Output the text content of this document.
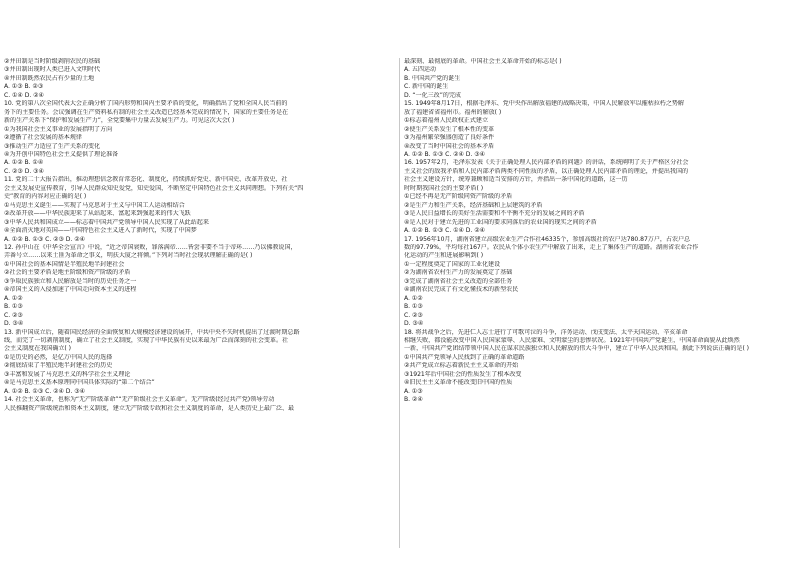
②井田制是当时阶级剥削农民的基础
③井田制出现时人类已进入文明时代
④井田制既然农民占有少量的土地
A. ①③ B. ②③
C. ①④ D. ②④
10. 党的第八次全国代表大会正确分析了国内形势和国内主要矛盾的变化，明确指出了党和全国人民当前的
务下的主要任务。会议强调在生产资料私有制的社会主义改造已经基本完成的情况下，国家的主要任务是在
新的生产关系下“保护和发展生产力”，全党要集中力量去发展生产力。可见这次大会( )
①为我国社会主义事业的发展指明了方向
②遵循了社会发展的基本规律
③推动生产力适应了生产关系的变化
④为开创中国特色社会主义提供了理论准备
A. ①② B. ①④
C. ②③ D. ③④
11. 党的二十大报告指出，推动理想信念教育常态化、制度化，持续抓好党史、新中国史、改革开放史、社
会主义发展史宣传教育，引导人民群众知史爱党，知史爱国，不断坚定中国特色社会主义共同理想。下列有关“四
史”教育的内容对应正确的是( )
①马克思主义诞生——实现了马克思对于主义与中国工人运动相结合
②改革开放——中华民族迎来了从站起来、富起来到强起来的伟大飞跃
③中华人民共和国成立——标志着中国共产党领导中国人民实现了从此站起来
④全面消灭地对英国——中国特色社会主义进入了新时代，实现了中国梦
A. ①② B. ①③ C. ②③ D. ②④
12. 孙中山在《中华全会宣言》中说，“近之帝国衰败，罪落满帝……皆尝非要不当于帝环……乃以佛教说国，
弄番号立……以来土匪为革命之事义，明扶大厦之将倾。”下列对当时社会现状理解正确的是( )
①中国社会的基本国情是半殖民地半封建社会
②社会的主要矛盾是地主阶级和资产阶级的矛盾
③争取民族独立和人民解放是当时的历史任务之一
④帝国主义的入侵加速了中国走向资本主义的进程
A. ①②
B. ①③
C. ②③
D. ③④
13. 新中国成立后，随着国民经济的全面恢复和大规模经济建设的展开，中共中央不失时机提出了过渡时期总路
线，而完了一切剥削制度，确立了社会主义制度，实现了中华民族有史以来最为广泛而深刻的社会变革。社
会主义制度在我国确立( )
①是历史的必然，是亿万中国人民的选择
②彻底结束了半殖民地半封建社会的历史
③丰富和发展了马克思主义的科学社会主义理论
④是马克思主义基本原理同中国具体实际的“第二个结合”
A. ①② B. ①③ C. ②④ D. ③④
14. 社会主义革命，也称为“无产阶级革命”“无产阶级社会主义革命”。无产阶级(经过共产党)领导劳动
人民推翻资产阶级统治和资本主义制度，建立无产阶级专政和社会主义制度的革命，是人类历史上最广泛、最
最深刻、最彻底的革命。中国社会主义革命开始的标志是( )
A. 五四运动
B. 中国共产党的诞生
C. 新中国的诞生
D. “一化三改”的完成
15. 1949年8月17日，根据毛泽东、党中央作出解放福建的战略决策，中国人民解放军以摧枯拉朽之势解
放了福建省省福州市。福州的解放( )
①标志着福州人民政权正式建立
②使生产关系发生了根本性的变革
③为福州繁荣强盛创造了良好条件
④改变了当时中国社会的基本矛盾
A. ①② B. ①③ C. ②④ D. ③④
16. 1957年2月，毛泽东发表《关于正确处理人民内部矛盾的问题》的讲话，系统阐明了关于严格区分社会
主义社会的敌我矛盾和人民内部矛盾两类不同性质的矛盾，以正确处理人民内部矛盾的理论，并提出我国的
社会主义建设方针，统筹兼顾和适当安排的方针，并指出一条中国化的道路，这一历
时时期我国社会的主要矛盾( )
①已经不再是无产阶级同资产阶级的矛盾
②是生产力和生产关系，经济基础和上层建筑的矛盾
③是人民日益增长的美好生活需要和不平衡不充分的发展之间的矛盾
④是人民对于建立先进的工业国的要求同落后的农业国的现实之间的矛盾
A. ①② B. ①③ C. ①④ D. ②④
17. 1956年10月，湖南省建立高级农业生产合作社46335个，参加高级社的农户达780.87万户，占农户总
数的97.79%，平均每社167户。农民从个体小农生产中解放了出来，走上了集体生产的道路。湖南省农业合作
化运动的产生和进展影响到( )
①一定程度奠定了国家的工业化建设
②为湖南省农村生产力的发展奠定了基础
③完成了湖南省社会主义改造的全部任务
④湖南农民完成了有文化懂技术的新型农民
A. ①②
B. ①③
C. ②③
D. ③④
18. 将共战争之后，先进仁人志士进行了可歌可泣的斗争，洋务运动、戊戌变法、太平天国运动、辛亥革命
相继失败，都没能改变中国人民国家蒙辱、人民蒙难、文明蒙尘的悲惨状况。1921年中国共产党诞生，中国革命面貌从此焕然
一新，中国共产党团结带领中国人民在谋求民族独立和人民解放的伟大斗争中，建立了中华人民共和国。据此下列说法正确的是( )
①中国共产党领导人民找到了正确的革命道路
②共产党成立标志着新民主主义革命的开始
③1921年后中国社会的性质发生了根本改变
④旧民主主义革命不能改变旧中国的性质
A. ①③
B. ②④
